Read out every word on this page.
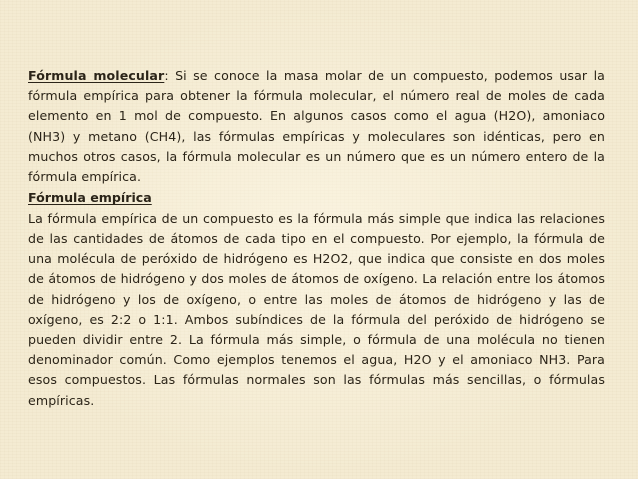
Fórmula molecular: Si se conoce la masa molar de un compuesto, podemos usar la fórmula empírica para obtener la fórmula molecular, el número real de moles de cada elemento en 1 mol de compuesto. En algunos casos como el agua (H2O), amoniaco (NH3) y metano (CH4), las fórmulas empíricas y moleculares son idénticas, pero en muchos otros casos, la fórmula molecular es un número que es un número entero de la fórmula empírica.

Fórmula empírica

La fórmula empírica de un compuesto es la fórmula más simple que indica las relaciones de las cantidades de átomos de cada tipo en el compuesto. Por ejemplo, la fórmula de una molécula de peróxido de hidrógeno es H2O2, que indica que consiste en dos moles de átomos de hidrógeno y dos moles de átomos de oxígeno. La relación entre los átomos de hidrógeno y los de oxígeno, o entre las moles de átomos de hidrógeno y las de oxígeno, es 2:2 o 1:1. Ambos subíndices de la fórmula del peróxido de hidrógeno se pueden dividir entre 2. La fórmula más simple, o fórmula de una molécula no tienen denominador común. Como ejemplos tenemos el agua, H2O y el amoniaco NH3. Para esos compuestos. Las fórmulas normales son las fórmulas más sencillas, o fórmulas empíricas.
